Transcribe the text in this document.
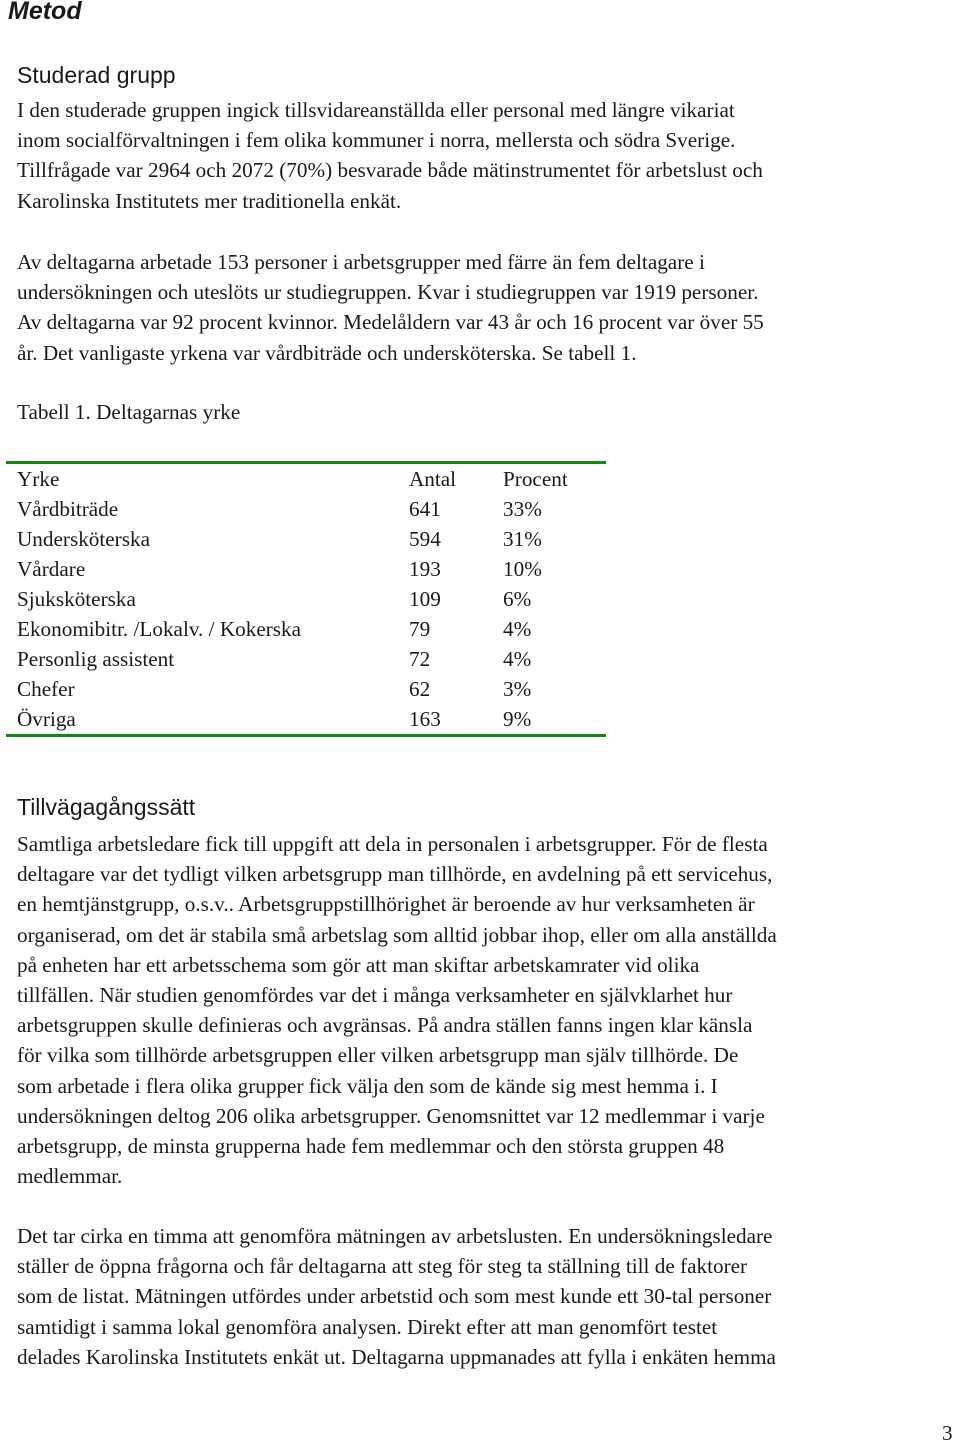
Metod
Studerad grupp

I den studerade gruppen ingick tillsvidareanställda eller personal med längre vikariat
inom socialförvaltningen i fem olika kommuner i norra, mellersta och södra Sverige.
Tillfrågade var 2964 och 2072 (70%) besvarade både mätinstrumentet för arbetslust och
Karolinska Institutets mer traditionella enkät.

Av deltagarna arbetade 153 personer i arbetsgrupper med färre än fem deltagare i
undersökningen och uteslöts ur studiegruppen. Kvar i studiegruppen var 1919 personer.
Av deltagarna var 92 procent kvinnor. Medelåldern var 43 år och 16 procent var över 55
år. Det vanligaste yrkena var vårdbiträde och undersköterska. Se tabell 1.

Tabell 1. Deltagarnas yrke

Yrke	Antal	Procent
Vårdbiträde	641	33%
Undersköterska	594	31%
Vårdare	193	10%
Sjuksköterska	109	6%
Ekonomibitr. /Lokalv. / Kokerska	79	4%
Personlig assistent	72	4%
Chefer	62	3%
Övriga	163	9%
Tillvägagångssätt

Samtliga arbetsledare fick till uppgift att dela in personalen i arbetsgrupper. För de flesta
deltagare var det tydligt vilken arbetsgrupp man tillhörde, en avdelning på ett servicehus,
en hemtjänstgrupp, o.s.v.. Arbetsgruppstillhörighet är beroende av hur verksamheten är
organiserad, om det är stabila små arbetslag som alltid jobbar ihop, eller om alla anställda
på enheten har ett arbetsschema som gör att man skiftar arbetskamrater vid olika
tillfällen. När studien genomfördes var det i många verksamheter en självklarhet hur
arbetsgruppen skulle definieras och avgränsas. På andra ställen fanns ingen klar känsla
för vilka som tillhörde arbetsgruppen eller vilken arbetsgrupp man själv tillhörde. De
som arbetade i flera olika grupper fick välja den som de kände sig mest hemma i. I
undersökningen deltog 206 olika arbetsgrupper. Genomsnittet var 12 medlemmar i varje
arbetsgrupp, de minsta grupperna hade fem medlemmar och den största gruppen 48
medlemmar.

Det tar cirka en timma att genomföra mätningen av arbetslusten. En undersökningsledare
ställer de öppna frågorna och får deltagarna att steg för steg ta ställning till de faktorer
som de listat. Mätningen utfördes under arbetstid och som mest kunde ett 30-tal personer
samtidigt i samma lokal genomföra analysen. Direkt efter att man genomfört testet
delades Karolinska Institutets enkät ut. Deltagarna uppmanades att fylla i enkäten hemma

3
